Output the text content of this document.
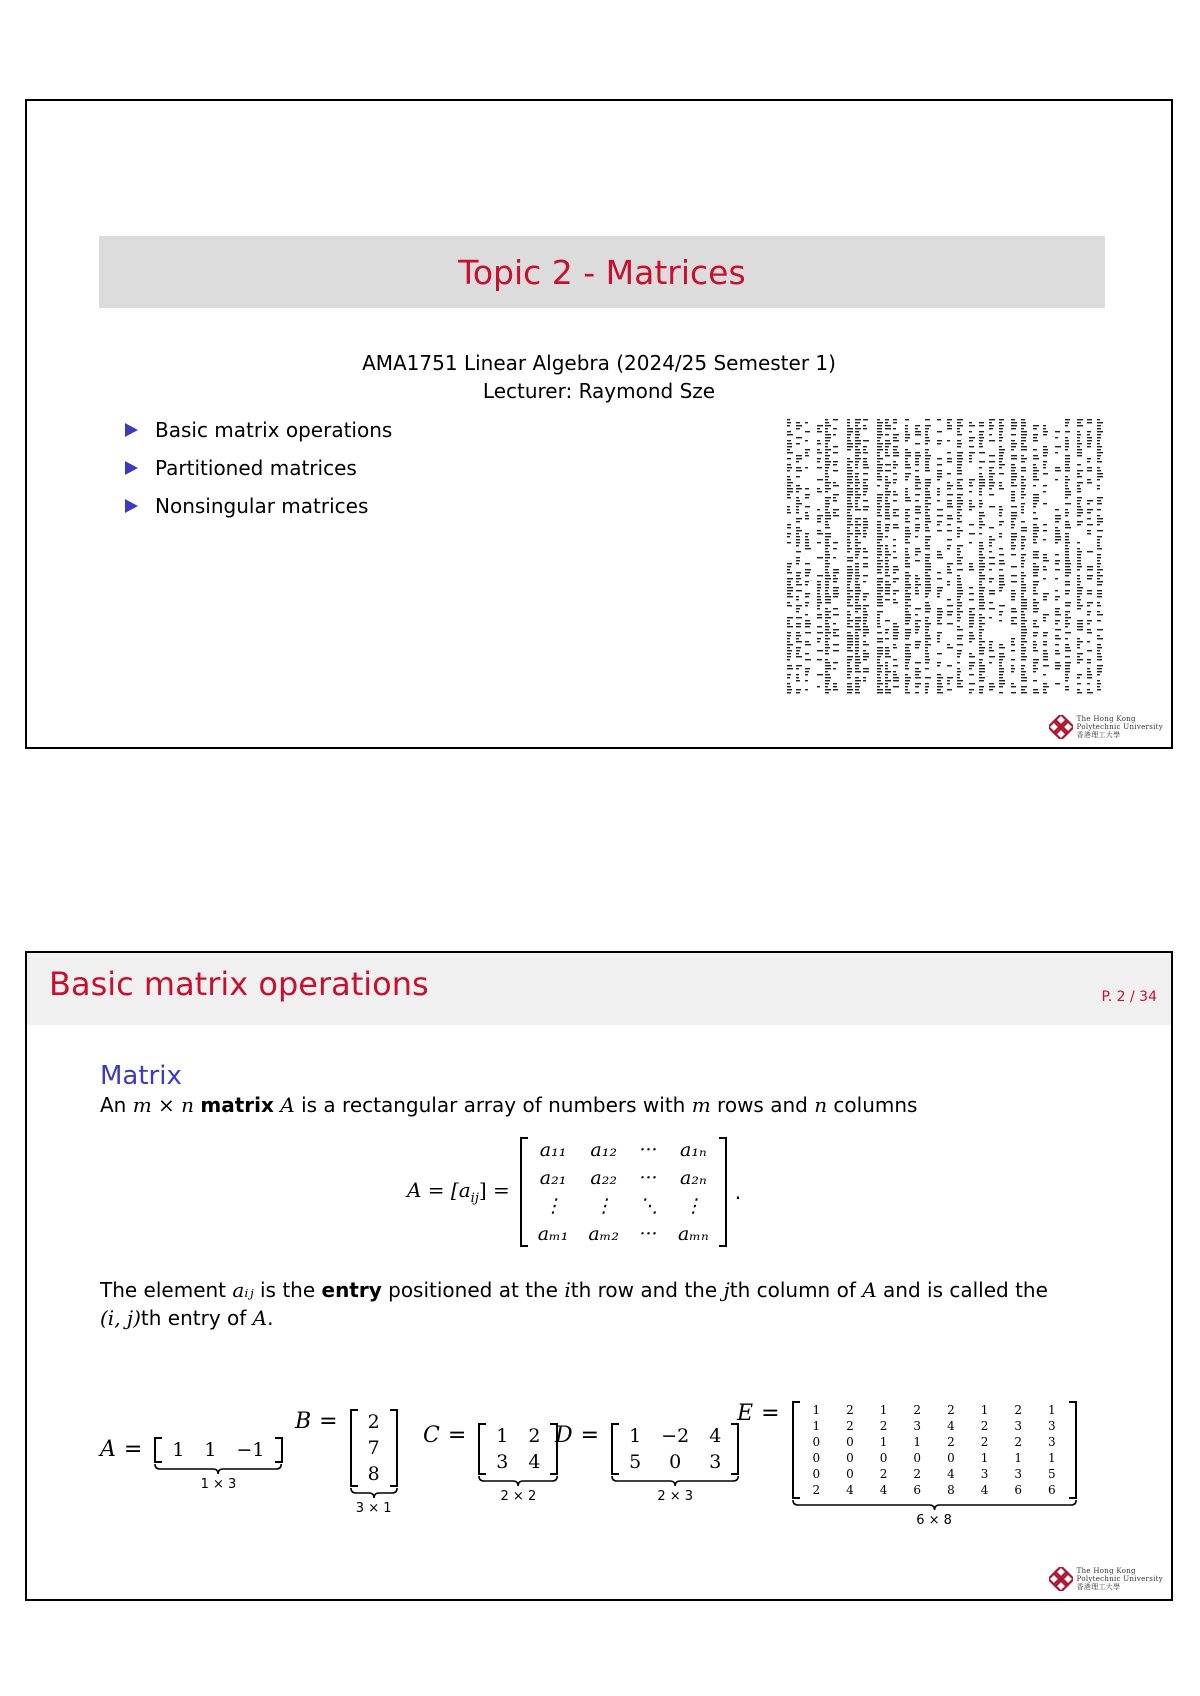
Topic 2 - Matrices
AMA1751 Linear Algebra (2024/25 Semester 1)
Lecturer: Raymond Sze
Basic matrix operations
Partitioned matrices
Nonsingular matrices
The Hong Kong
Polytechnic University
香港理工大學
Basic matrix operations	P. 2 / 34
Matrix
An m × n matrix A is a rectangular array of numbers with m rows and n columns
$A = [a_{ij}]$ =
a₁₁	a₁₂	···	a₁ₙ
a₂₁	a₂₂	···	a₂ₙ
⋮	⋮	⋱	⋮
aₘ₁	aₘ₂	···	aₘₙ
.
The element aᵢⱼ is the entry positioned at the ith row and the jth column of A and is called the
(i, j)th entry of A.
A =	1	1	−1
1 × 3
B =	2
7
8
3 × 1
C =	1	2
3	4
2 × 2
D =	1	−2	4
5	0	3
2 × 3
E =	1	2	1	2	2	1	2	1
1	2	2	3	4	2	3	3
0	0	1	1	2	2	2	3
0	0	0	0	0	1	1	1
0	0	2	2	4	3	3	5
2	4	4	6	8	4	6	6
6 × 8
The Hong Kong
Polytechnic University
香港理工大學
